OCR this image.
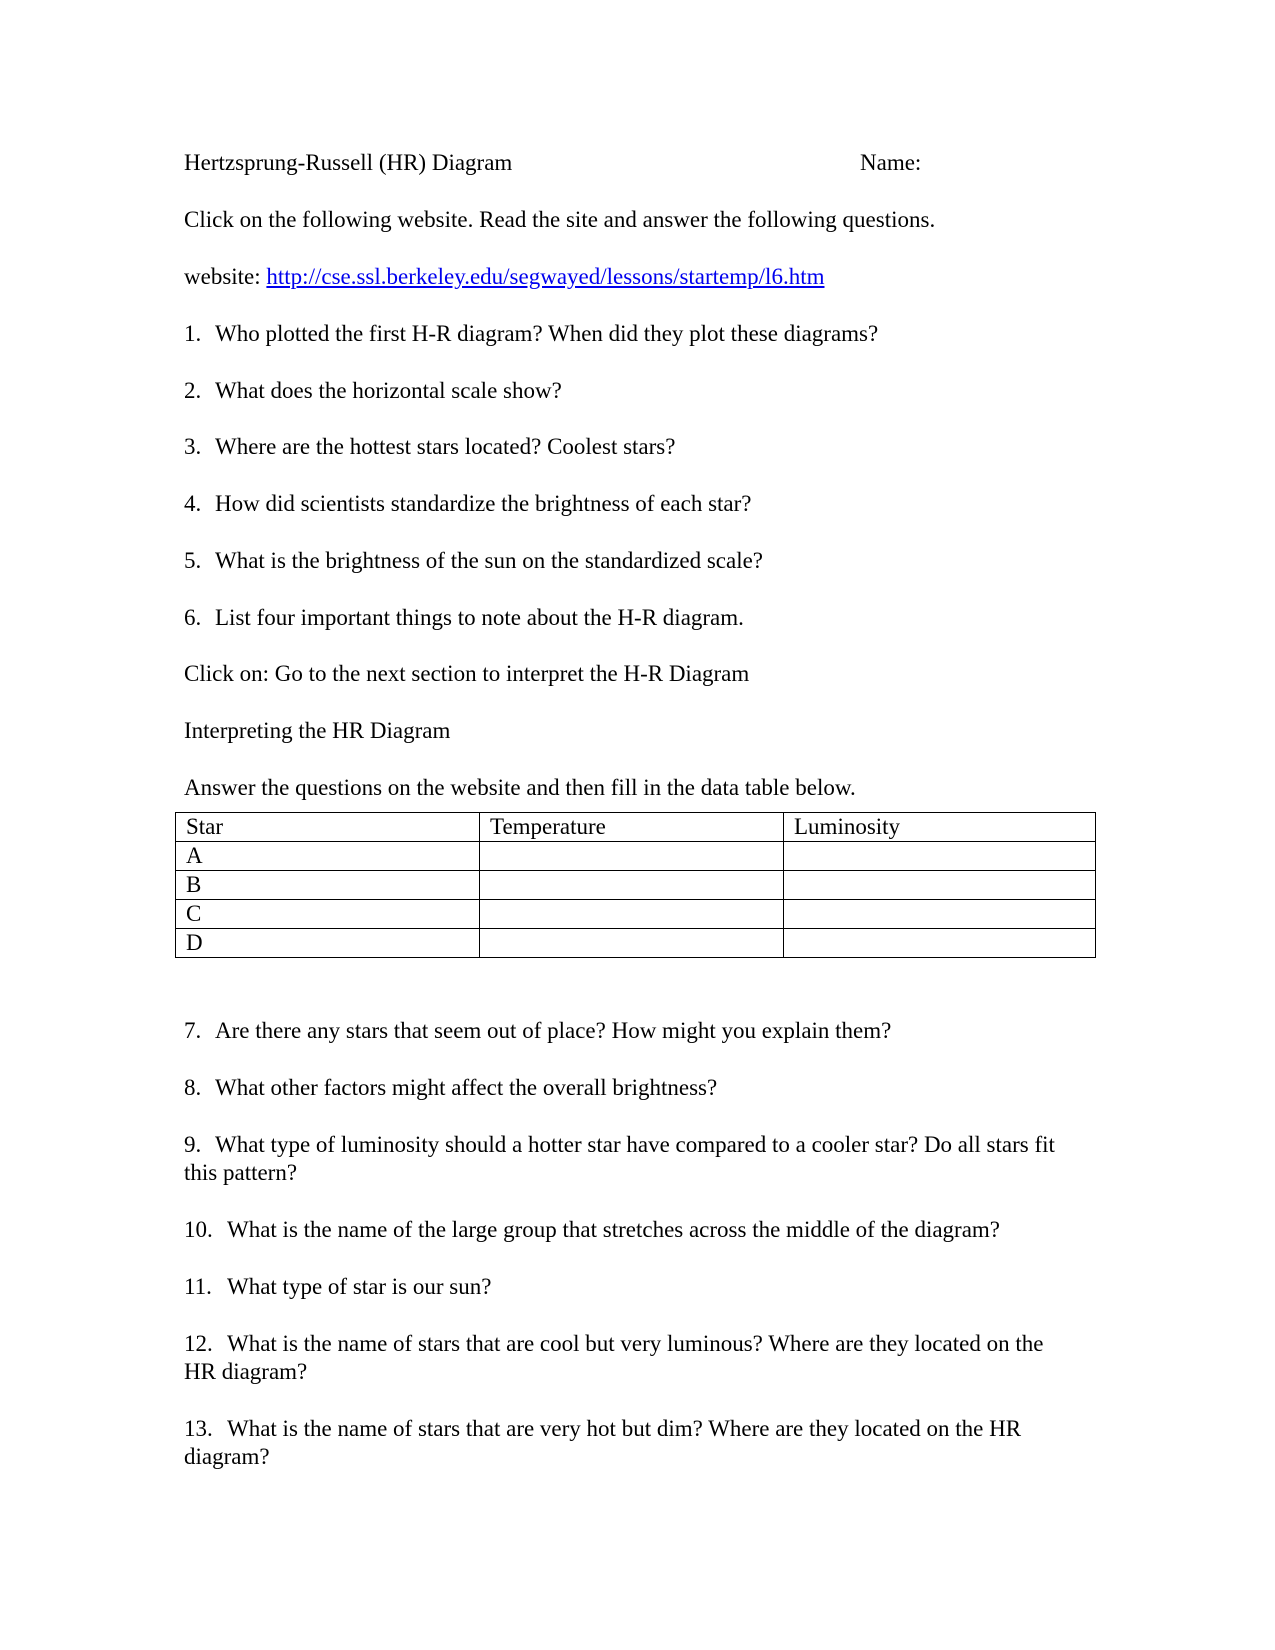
Hertzsprung-Russell (HR) Diagram	Name:
Click on the following website. Read the site and answer the following questions.
website: http://cse.ssl.berkeley.edu/segwayed/lessons/startemp/l6.htm
1. Who plotted the first H-R diagram? When did they plot these diagrams?
2. What does the horizontal scale show?
3. Where are the hottest stars located? Coolest stars?
4. How did scientists standardize the brightness of each star?
5. What is the brightness of the sun on the standardized scale?
6. List four important things to note about the H-R diagram.
Click on: Go to the next section to interpret the H-R Diagram
Interpreting the HR Diagram
Answer the questions on the website and then fill in the data table below.
Star	Temperature	Luminosity
A		
B		
C		
D		
7. Are there any stars that seem out of place? How might you explain them?
8. What other factors might affect the overall brightness?
9. What type of luminosity should a hotter star have compared to a cooler star? Do all stars fit this pattern?
10. What is the name of the large group that stretches across the middle of the diagram?
11. What type of star is our sun?
12. What is the name of stars that are cool but very luminous? Where are they located on the HR diagram?
13. What is the name of stars that are very hot but dim? Where are they located on the HR diagram?
